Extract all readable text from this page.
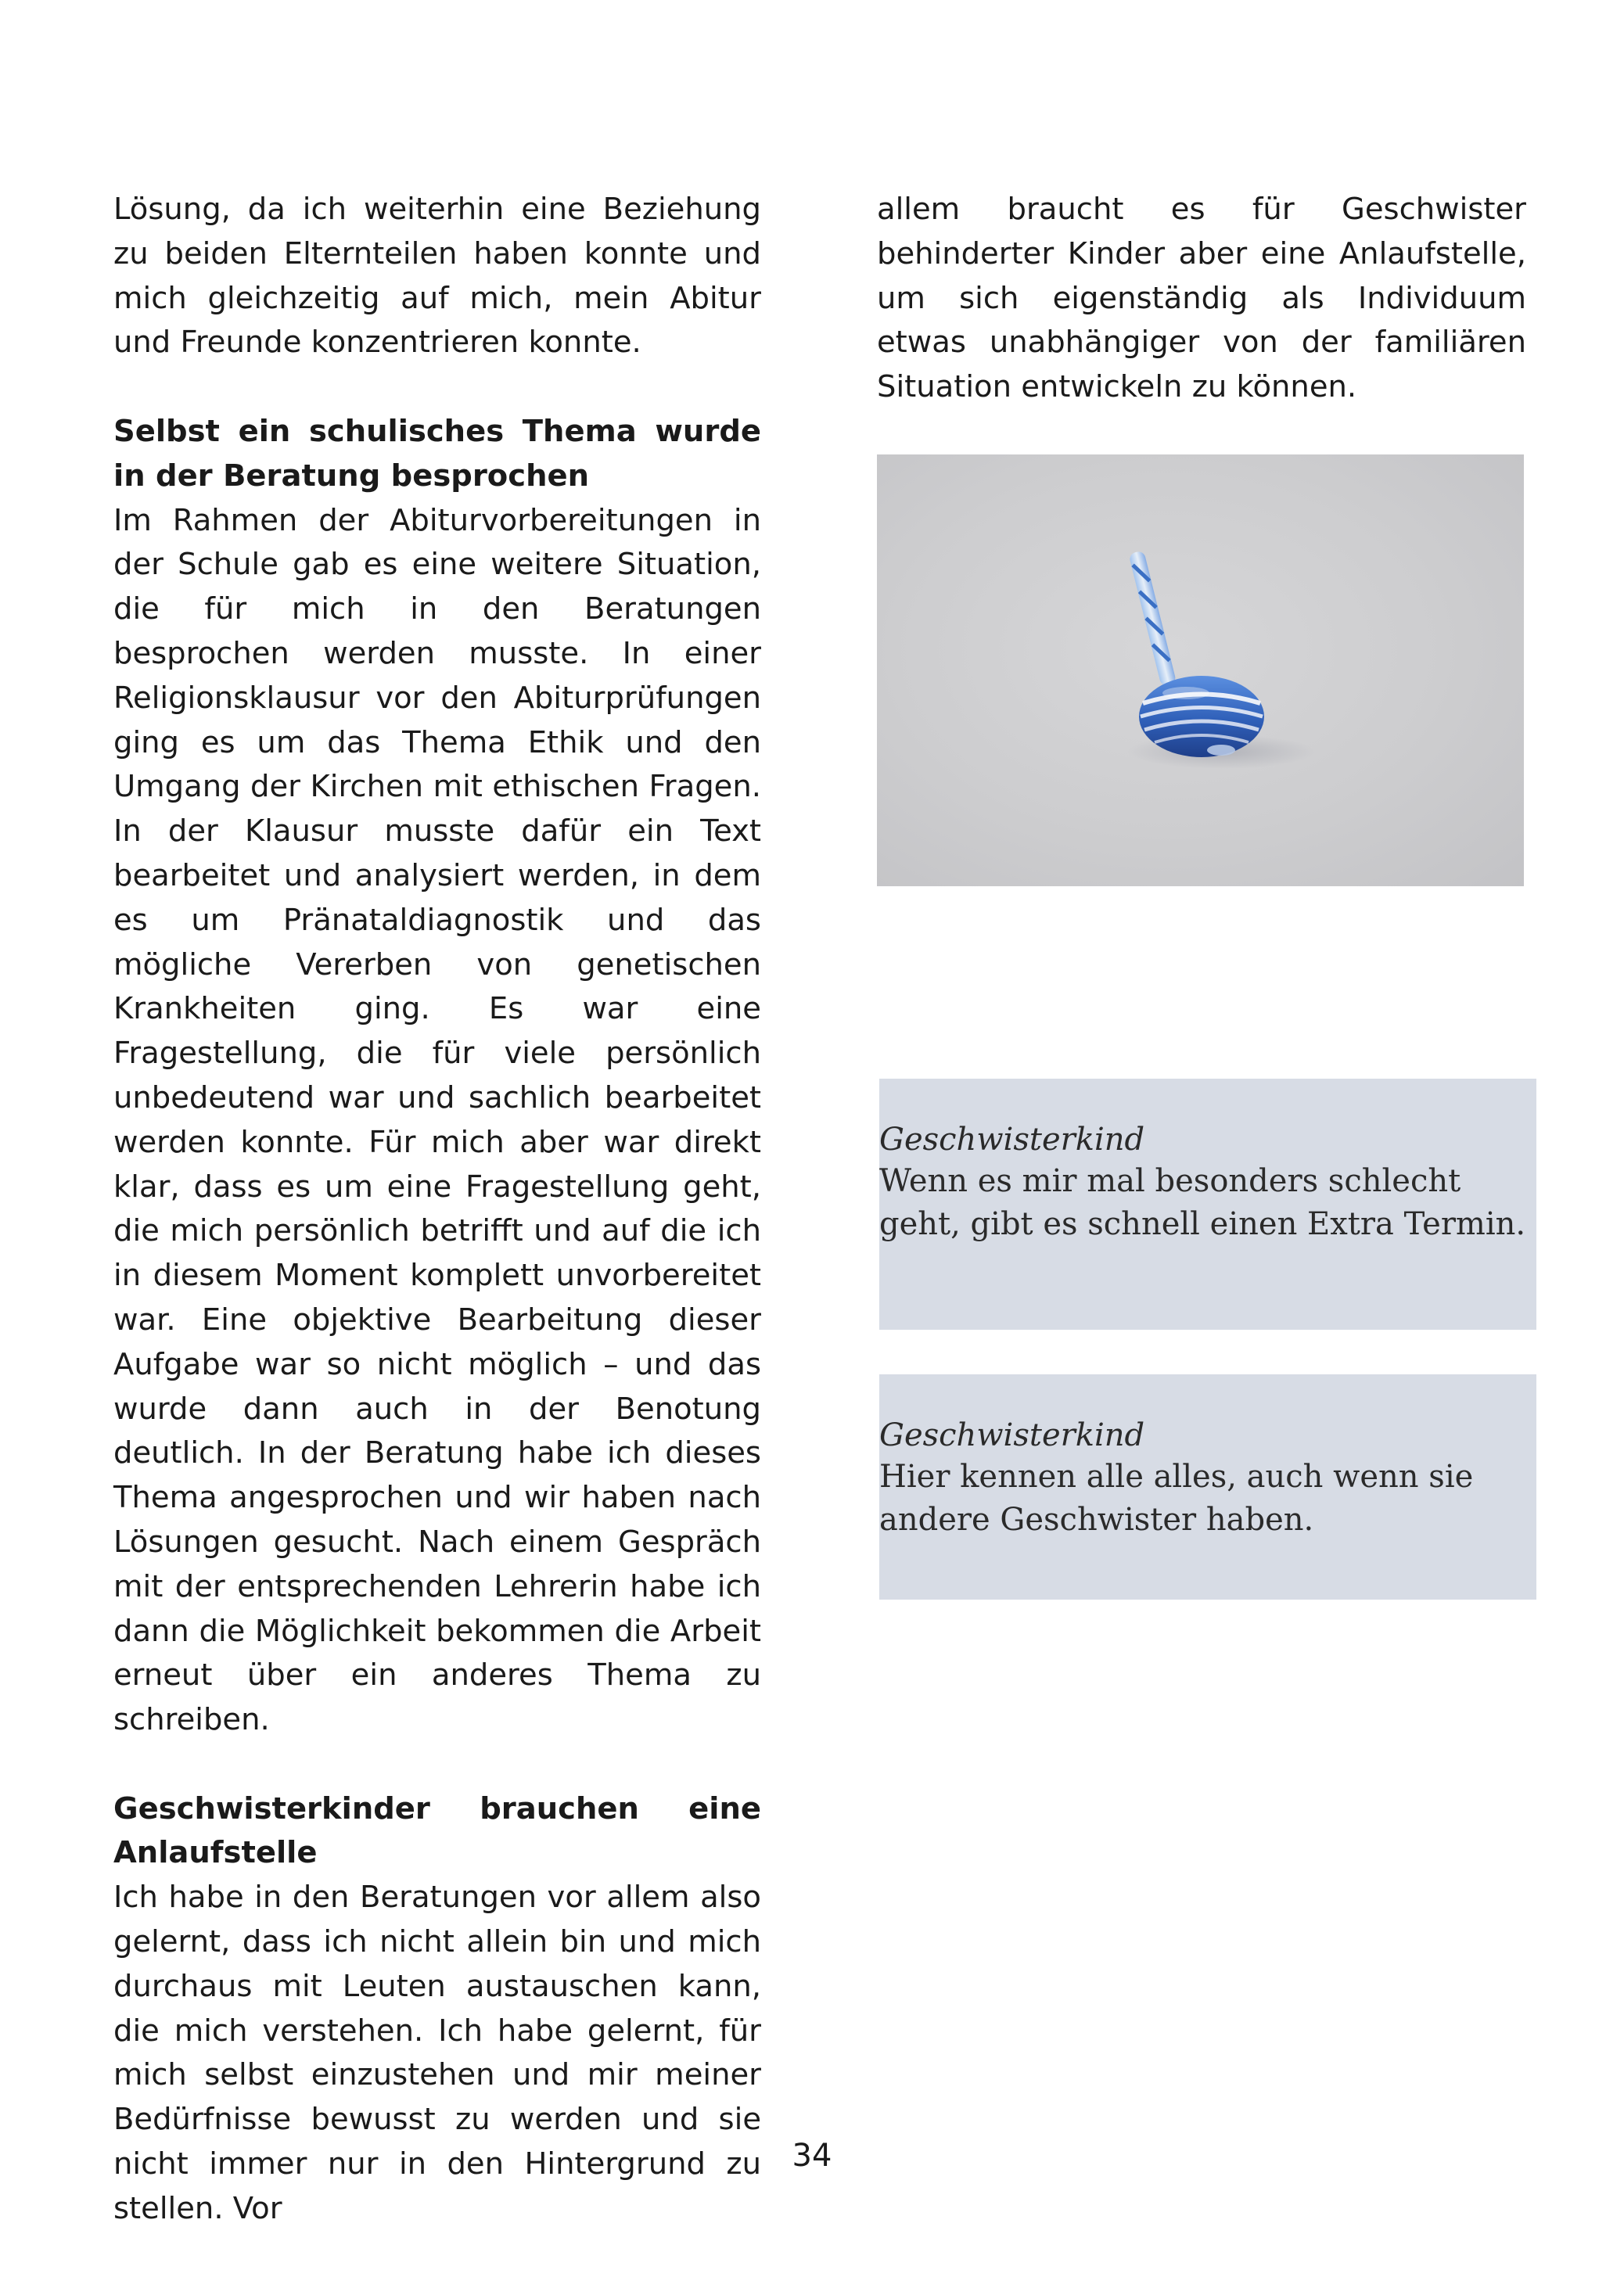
Lösung, da ich weiterhin eine Beziehung zu beiden Elternteilen haben konnte und mich gleichzeitig auf mich, mein Abitur und Freunde konzentrieren konnte.

Selbst ein schulisches Thema wurde in der Beratung besprochen

Im Rahmen der Abiturvorbereitungen in der Schule gab es eine weitere Situation, die für mich in den Beratungen besprochen werden musste. In einer Religionsklausur vor den Abiturprüfungen ging es um das Thema Ethik und den Umgang der Kirchen mit ethischen Fragen. In der Klausur musste dafür ein Text bearbeitet und analysiert werden, in dem es um Pränataldiagnostik und das mögliche Vererben von genetischen Krankheiten ging. Es war eine Fragestellung, die für viele persönlich unbedeutend war und sachlich bearbeitet werden konnte. Für mich aber war direkt klar, dass es um eine Fragestellung geht, die mich persönlich betrifft und auf die ich in diesem Moment komplett unvorbereitet war. Eine objektive Bearbeitung dieser Aufgabe war so nicht möglich – und das wurde dann auch in der Benotung deutlich. In der Beratung habe ich dieses Thema angesprochen und wir haben nach Lösungen gesucht. Nach einem Gespräch mit der entsprechenden Lehrerin habe ich dann die Möglichkeit bekommen die Arbeit erneut über ein anderes Thema zu schreiben.

Geschwisterkinder brauchen eine Anlaufstelle

Ich habe in den Beratungen vor allem also gelernt, dass ich nicht allein bin und mich durchaus mit Leuten austauschen kann, die mich verstehen. Ich habe gelernt, für mich selbst einzustehen und mir meiner Bedürfnisse bewusst zu werden und sie nicht immer nur in den Hintergrund zu stellen. Vor

allem braucht es für Geschwister behinderter Kinder aber eine Anlaufstelle, um sich eigenständig als Individuum etwas unabhängiger von der familiären Situation entwickeln zu können.

Geschwisterkind
Wenn es mir mal besonders schlecht geht, gibt es schnell einen Extra Termin.
Geschwisterkind
Hier kennen alle alles, auch wenn sie andere Geschwister haben.
34
